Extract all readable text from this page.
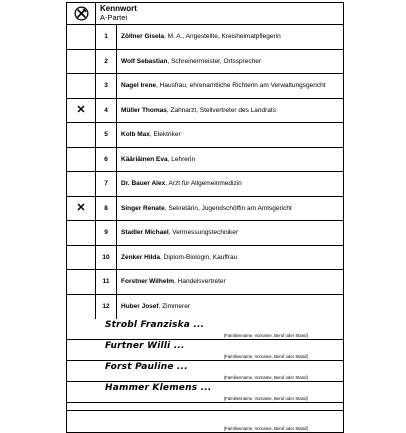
Kennwort
A-Partei
1	Zöllner Gisela , M. A., Angestellte, Kreisheimatpflegerin
2	Wolf Sebastian , Schreinermeister, Ortssprecher
3	Nagel Irene , Hausfrau, ehrenamtliche Richterin am Verwaltungsgericht
✕	4	Müller Thomas , Zahnarzt, Stellvertreter des Landrats
5	Kolb Max , Elektriker
6	Kääriäinen Eva , Lehrerin
7	Dr. Bauer Alex , Arzt für Allgemeinmedizin
✕	8	Singer Renate , Sekretärin, Jugendschöffin am Amtsgericht
9	Stadler Michael , Vermessungstechniker
10	Zenker Hilda , Diplom-Biologin, Kauffrau
11	Forstner Wilhelm , Handelsvertreter
12	Huber Josef , Zimmerer
Strobl Franziska ...
(Familienname, Vorname, Beruf oder Stand)
Furtner Willi ...
(Familienname, Vorname, Beruf oder Stand)
Forst Pauline ...
(Familienname, Vorname, Beruf oder Stand)
Hammer Klemens ...
(Familienname, Vorname, Beruf oder Stand)
(Familienname, Vorname, Beruf oder Stand)
